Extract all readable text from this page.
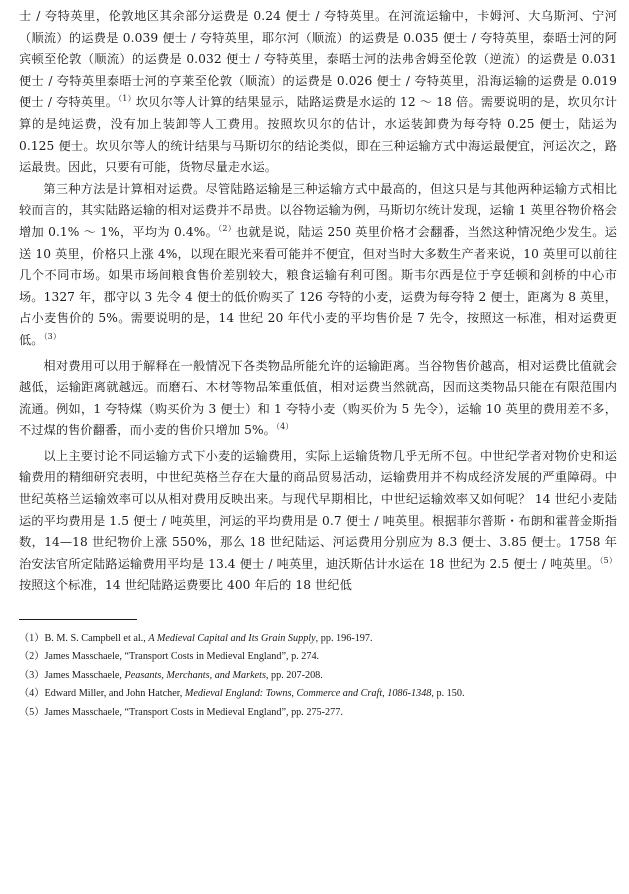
士 / 夸特英里，伦敦地区其余部分运费是 0.24 便士 / 夸特英里。在河流运输中，卡姆河、大乌斯河、宁河（顺流）的运费是 0.039 便士 / 夸特英里，耶尔河（顺流）的运费是 0.035 便士 / 夸特英里，泰晤士河的阿宾顿至伦敦（顺流）的运费是 0.032 便士 / 夸特英里，泰晤士河的法弗舍姆至伦敦（逆流）的运费是 0.031 便士 / 夸特英里泰晤士河的亨莱至伦敦（顺流）的运费是 0.026 便士 / 夸特英里，沿海运输的运费是 0.019 便士 / 夸特英里。$^{(1)}$坎贝尔等人计算的结果显示，陆路运费是水运的 12 ～ 18 倍。需要说明的是，坎贝尔计算的是纯运费，没有加上装卸等人工费用。按照坎贝尔的估计，水运装卸费为每夸特 0.25 便士，陆运为 0.125 便士。坎贝尔等人的统计结果与马斯切尔的结论类似，即在三种运输方式中海运最便宜，河运次之，路运最贵。因此，只要有可能，货物尽量走水运。

第三种方法是计算相对运费。尽管陆路运输是三种运输方式中最高的，但这只是与其他两种运输方式相比较而言的，其实陆路运输的相对运费并不昂贵。以谷物运输为例，马斯切尔统计发现，运输 1 英里谷物价格会增加 0.1% ～ 1%，平均为 0.4%。$^{(2)}$也就是说，陆运 250 英里价格才会翻番，当然这种情况绝少发生。运送 10 英里，价格只上涨 4%，以现在眼光来看可能并不便宜，但对当时大多数生产者来说，10 英里可以前往几个不同市场。如果市场间粮食售价差别较大，粮食运输有利可图。斯韦尔西是位于亨廷顿和剑桥的中心市场。1327 年，郡守以 3 先令 4 便士的低价购买了 126 夸特的小麦，运费为每夸特 2 便士，距离为 8 英里，占小麦售价的 5%。需要说明的是，14 世纪 20 年代小麦的平均售价是 7 先令，按照这一标准，相对运费更低。$^{(3)}$

相对费用可以用于解释在一般情况下各类物品所能允许的运输距离。当谷物售价越高，相对运费比值就会越低，运输距离就越远。而磨石、木材等物品笨重低值，相对运费当然就高，因而这类物品只能在有限范围内流通。例如，1 夸特煤（购买价为 3 便士）和 1 夸特小麦（购买价为 5 先令），运输 10 英里的费用差不多，不过煤的售价翻番，而小麦的售价只增加 5%。$^{(4)}$

以上主要讨论不同运输方式下小麦的运输费用，实际上运输货物几乎无所不包。中世纪学者对物价史和运输费用的精细研究表明，中世纪英格兰存在大量的商品贸易活动，运输费用并不构成经济发展的严重障碍。中世纪英格兰运输效率可以从相对费用反映出来。与现代早期相比，中世纪运输效率又如何呢？ 14 世纪小麦陆运的平均费用是 1.5 便士 / 吨英里，河运的平均费用是 0.7 便士 / 吨英里。根据菲尔普斯・布朗和霍普金斯指数，14—18 世纪物价上涨 550%，那么 18 世纪陆运、河运费用分别应为 8.3 便士、3.85 便士。1758 年治安法官所定陆路运输费用平均是 13.4 便士 / 吨英里，迪沃斯估计水运在 18 世纪为 2.5 便士 / 吨英里。$^{(5)}$按照这个标准，14 世纪陆路运费要比 400 年后的 18 世纪低

（1）B. M. S. Campbell et al., A Medieval Capital and Its Grain Supply, pp. 196-197.
（2）James Masschaele, “Transport Costs in Medieval England”, p. 274.
（3）James Masschaele, Peasants, Merchants, and Markets, pp. 207-208.
（4）Edward Miller, and John Hatcher, Medieval England: Towns, Commerce and Craft, 1086-1348, p. 150.
（5）James Masschaele, “Transport Costs in Medieval England”, pp. 275-277.
